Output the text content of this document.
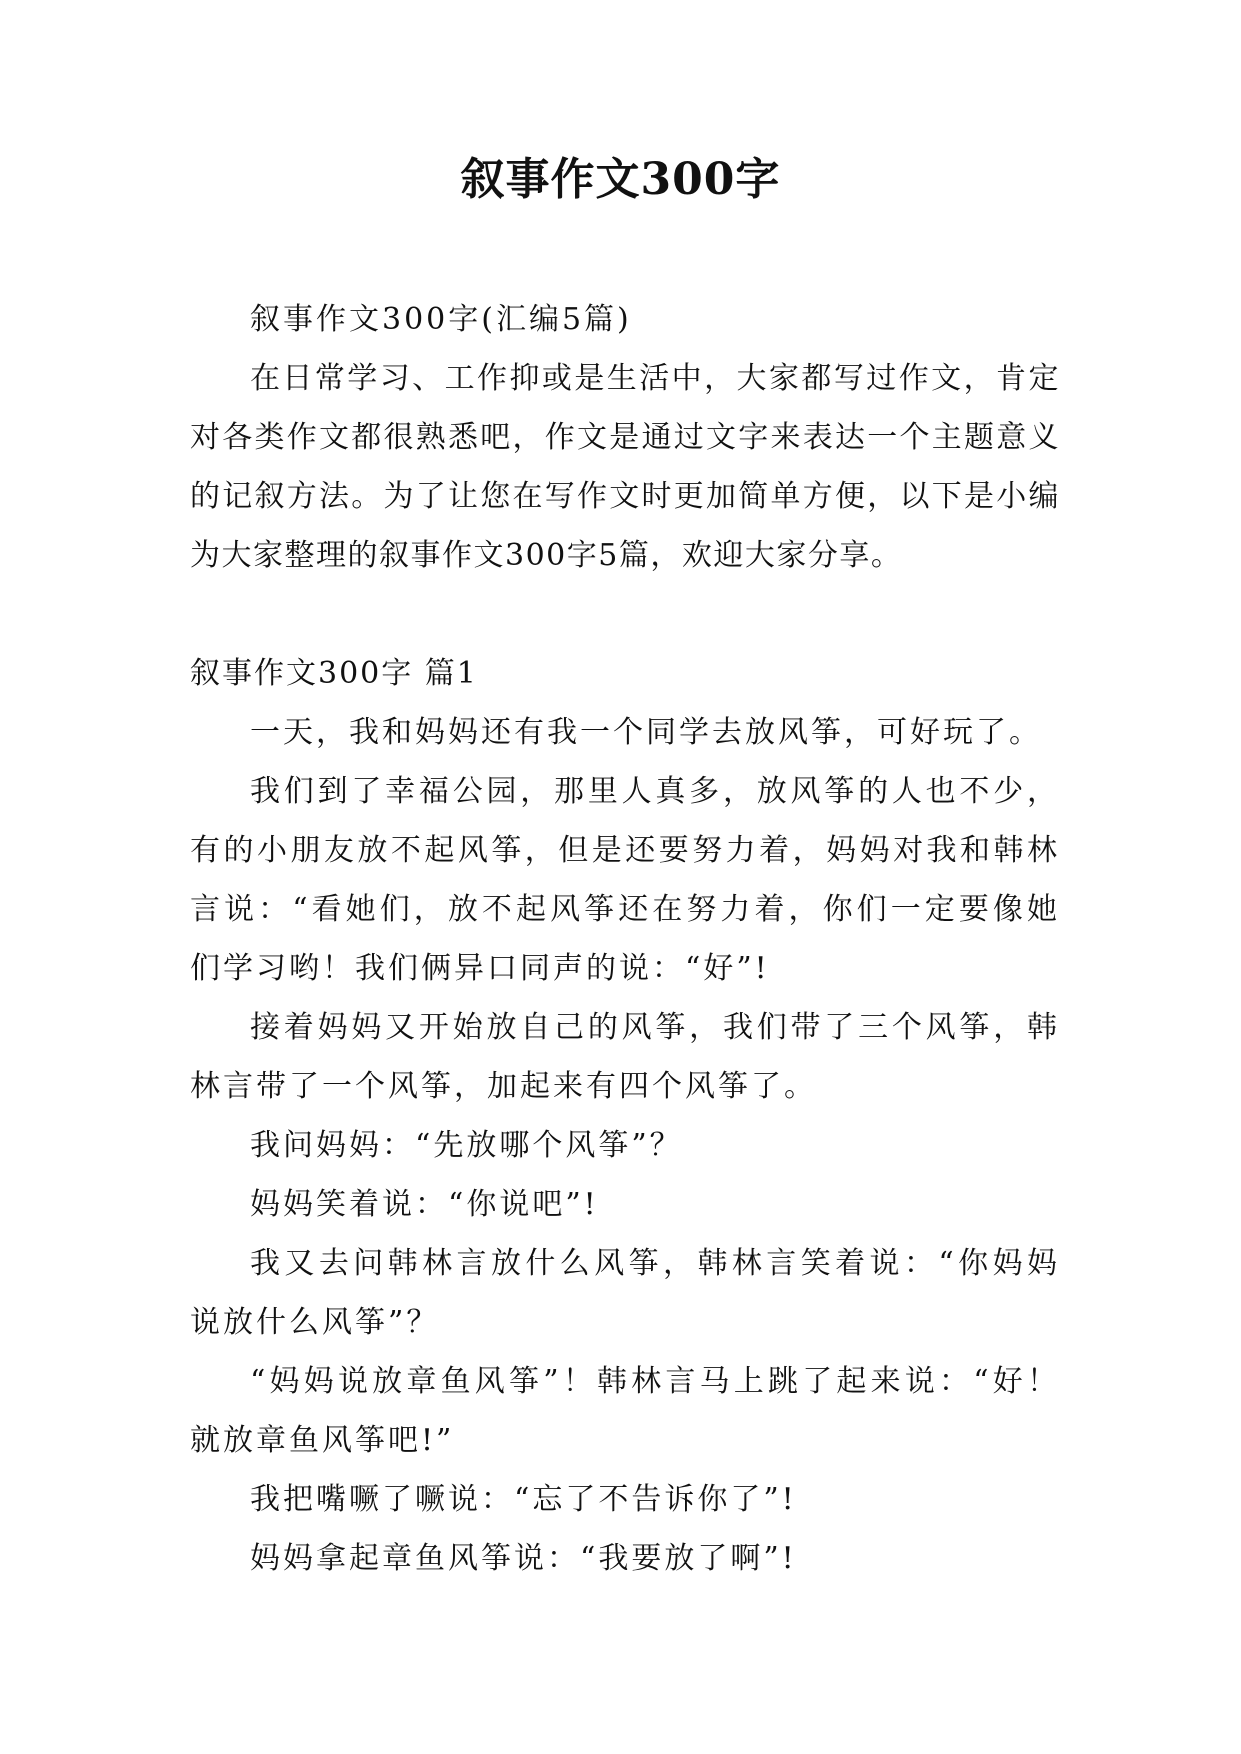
叙事作文300字

叙事作文300字(汇编5篇)

在日常学习、工作抑或是生活中，大家都写过作文，肯定对各类作文都很熟悉吧，作文是通过文字来表达一个主题意义的记叙方法。为了让您在写作文时更加简单方便，以下是小编为大家整理的叙事作文300字5篇，欢迎大家分享。

叙事作文300字 篇1

一天，我和妈妈还有我一个同学去放风筝，可好玩了。

我们到了幸福公园，那里人真多，放风筝的人也不少，有的小朋友放不起风筝，但是还要努力着，妈妈对我和韩林言说：“看她们，放不起风筝还在努力着，你们一定要像她们学习哟！我们俩异口同声的说：“好”!

接着妈妈又开始放自己的风筝，我们带了三个风筝，韩林言带了一个风筝，加起来有四个风筝了。

我问妈妈：“先放哪个风筝”？

妈妈笑着说：“你说吧”!

我又去问韩林言放什么风筝，韩林言笑着说：“你妈妈说放什么风筝”？

“妈妈说放章鱼风筝”！韩林言马上跳了起来说：“好！就放章鱼风筝吧!”

我把嘴噘了噘说：“忘了不告诉你了”!

妈妈拿起章鱼风筝说：“我要放了啊”!
